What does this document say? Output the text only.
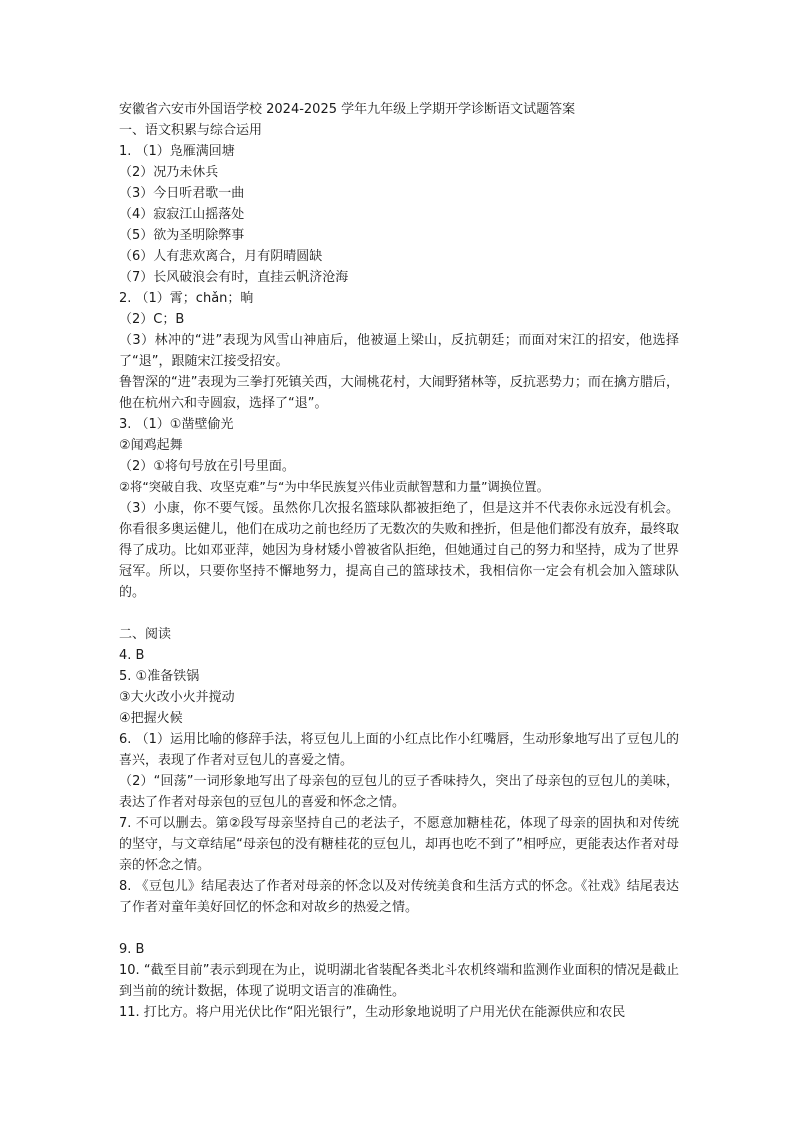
安徽省六安市外国语学校 2024-2025 学年九年级上学期开学诊断语文试题答案

一、语文积累与综合运用

1. （1）凫雁满回塘

（2）况乃未休兵

（3）今日听君歌一曲

（4）寂寂江山摇落处

（5）欲为圣明除弊事

（6）人有悲欢离合，月有阴晴圆缺

（7）长风破浪会有时，直挂云帆济沧海

2. （1）霄；chǎn；晌

（2）C；B

（3）林冲的“进”表现为风雪山神庙后，他被逼上梁山，反抗朝廷；而面对宋江的招安，他选择了“退”，跟随宋江接受招安。

鲁智深的“进”表现为三拳打死镇关西，大闹桃花村，大闹野猪林等，反抗恶势力；而在擒方腊后，他在杭州六和寺圆寂，选择了“退”。

3. （1）①凿壁偷光

②闻鸡起舞

（2）①将句号放在引号里面。

②将“突破自我、攻坚克难”与“为中华民族复兴伟业贡献智慧和力量”调换位置。

（3）小康，你不要气馁。虽然你几次报名篮球队都被拒绝了，但是这并不代表你永远没有机会。你看很多奥运健儿，他们在成功之前也经历了无数次的失败和挫折，但是他们都没有放弃，最终取得了成功。比如邓亚萍，她因为身材矮小曾被省队拒绝，但她通过自己的努力和坚持，成为了世界冠军。所以，只要你坚持不懈地努力，提高自己的篮球技术，我相信你一定会有机会加入篮球队的。

二、阅读

4. B

5. ①准备铁锅

③大火改小火并搅动

④把握火候

6. （1）运用比喻的修辞手法，将豆包儿上面的小红点比作小红嘴唇，生动形象地写出了豆包儿的喜兴，表现了作者对豆包儿的喜爱之情。

（2）“回荡”一词形象地写出了母亲包的豆包儿的豆子香味持久，突出了母亲包的豆包儿的美味，表达了作者对母亲包的豆包儿的喜爱和怀念之情。

7. 不可以删去。第②段写母亲坚持自己的老法子，不愿意加糖桂花，体现了母亲的固执和对传统的坚守，与文章结尾“母亲包的没有糖桂花的豆包儿，却再也吃不到了”相呼应，更能表达作者对母亲的怀念之情。

8. 《豆包儿》结尾表达了作者对母亲的怀念以及对传统美食和生活方式的怀念。《社戏》结尾表达了作者对童年美好回忆的怀念和对故乡的热爱之情。

9. B

10. “截至目前”表示到现在为止，说明湖北省装配各类北斗农机终端和监测作业面积的情况是截止到当前的统计数据，体现了说明文语言的准确性。

11. 打比方。将户用光伏比作“阳光银行”，生动形象地说明了户用光伏在能源供应和农民
